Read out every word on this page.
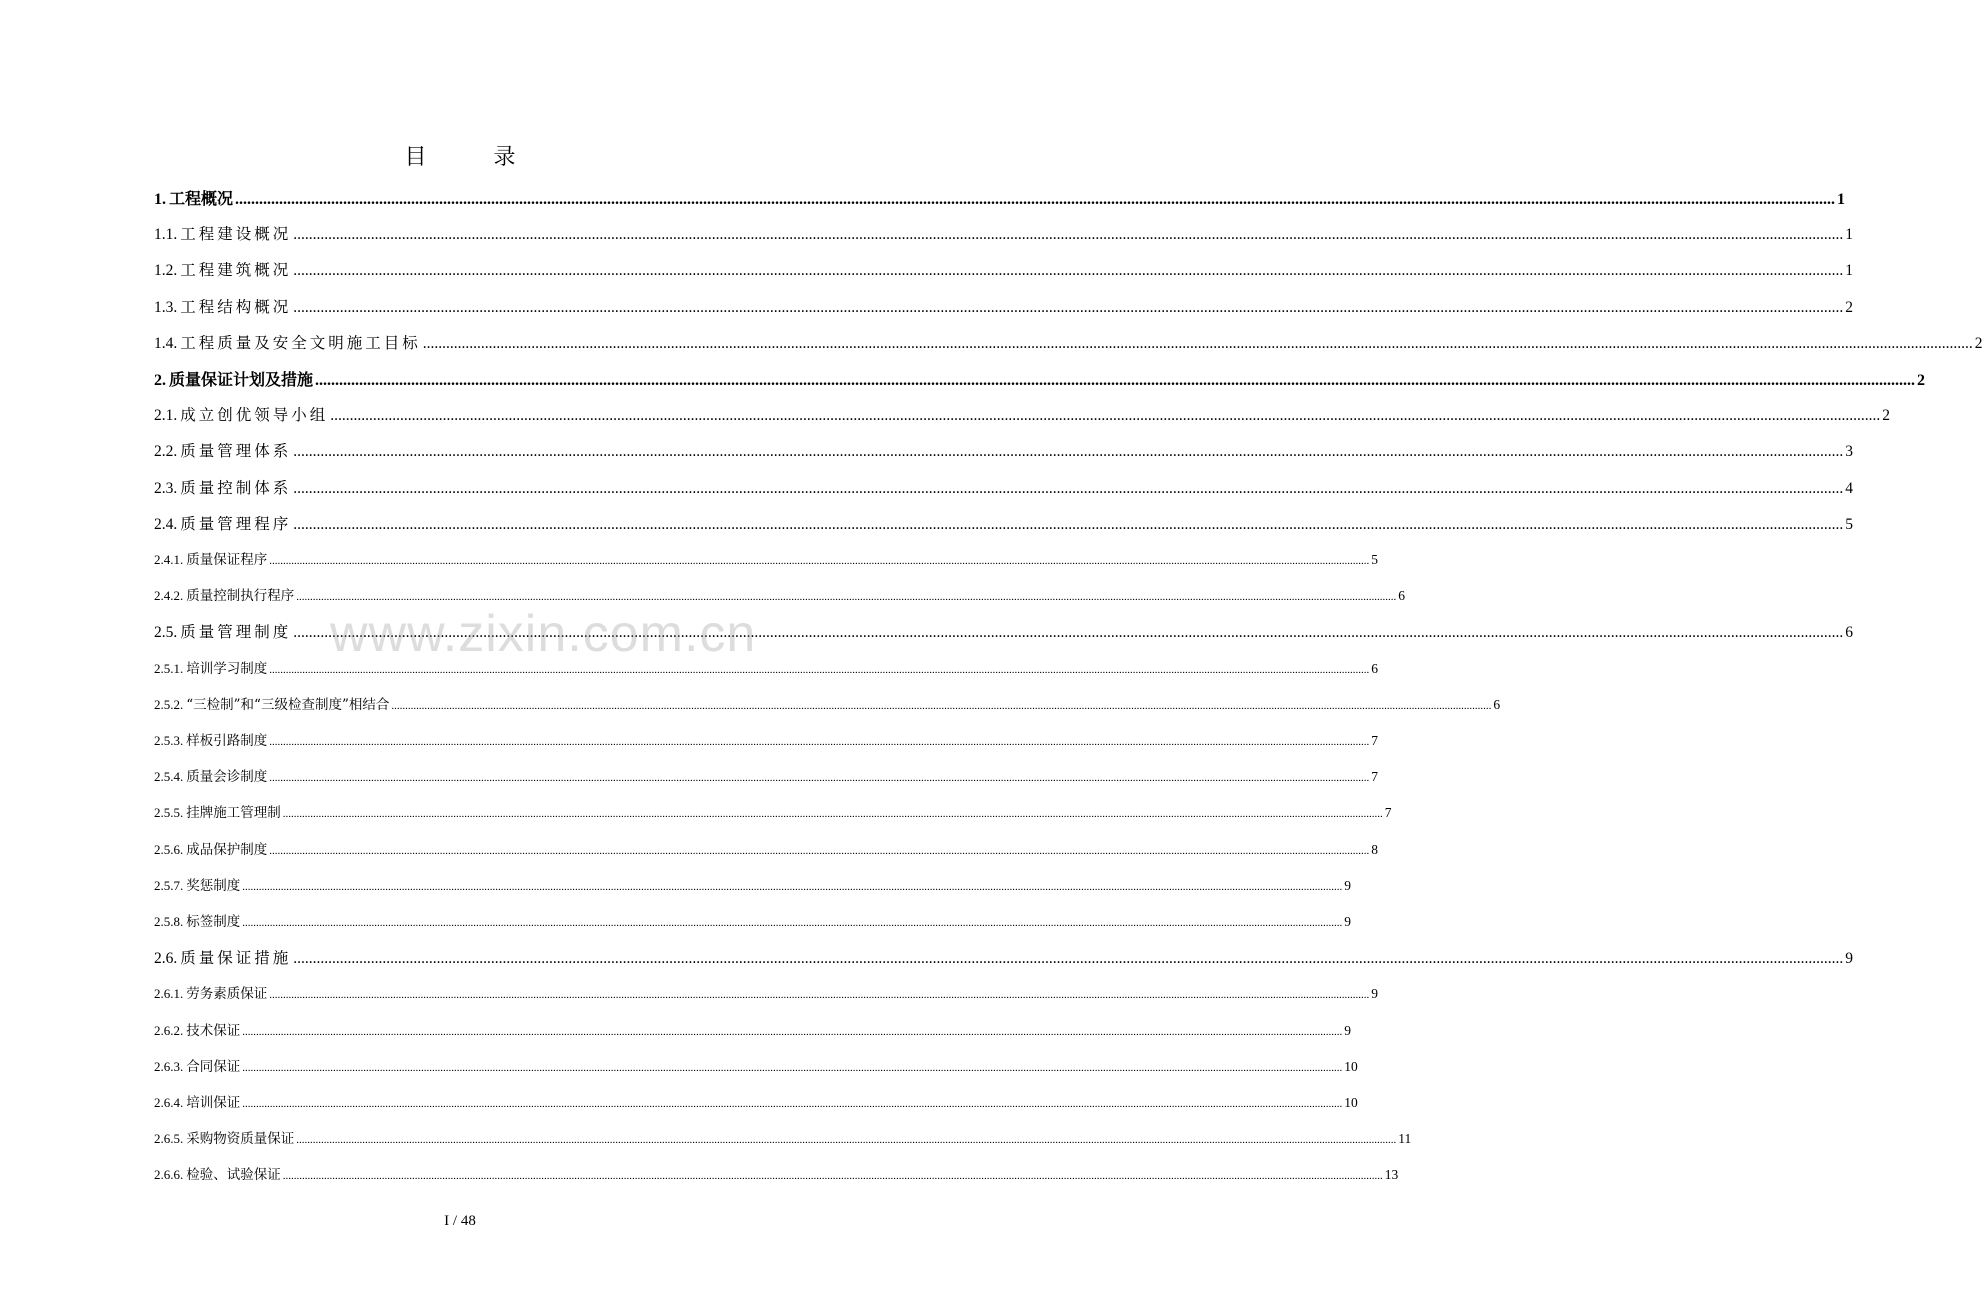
目 录
1. 工程概况 ................................................................................................................................................................................................................................................................................................................................................................................................................ 1
1.1. 工程建设概况 ................................................................................................................................................................................................................................................................................................................................................................................................................ 1
1.2. 工程建筑概况 ................................................................................................................................................................................................................................................................................................................................................................................................................ 1
1.3. 工程结构概况 ................................................................................................................................................................................................................................................................................................................................................................................................................ 2
1.4. 工程质量及安全文明施工目标 ................................................................................................................................................................................................................................................................................................................................................................................................................ 2
2. 质量保证计划及措施 ................................................................................................................................................................................................................................................................................................................................................................................................................ 2
2.1. 成立创优领导小组 ................................................................................................................................................................................................................................................................................................................................................................................................................ 2
2.2. 质量管理体系 ................................................................................................................................................................................................................................................................................................................................................................................................................ 3
2.3. 质量控制体系 ................................................................................................................................................................................................................................................................................................................................................................................................................ 4
2.4. 质量管理程序 ................................................................................................................................................................................................................................................................................................................................................................................................................ 5
2.4.1. 质量保证程序 ................................................................................................................................................................................................................................................................................................................................................................................................................ 5
2.4.2. 质量控制执行程序 ................................................................................................................................................................................................................................................................................................................................................................................................................ 6
2.5. 质量管理制度 ................................................................................................................................................................................................................................................................................................................................................................................................................ 6
2.5.1. 培训学习制度 ................................................................................................................................................................................................................................................................................................................................................................................................................ 6
2.5.2. “三检制”和“三级检查制度”相结合 ................................................................................................................................................................................................................................................................................................................................................................................................................ 6
2.5.3. 样板引路制度 ................................................................................................................................................................................................................................................................................................................................................................................................................ 7
2.5.4. 质量会诊制度 ................................................................................................................................................................................................................................................................................................................................................................................................................ 7
2.5.5. 挂牌施工管理制 ................................................................................................................................................................................................................................................................................................................................................................................................................ 7
2.5.6. 成品保护制度 ................................................................................................................................................................................................................................................................................................................................................................................................................ 8
2.5.7. 奖惩制度 ................................................................................................................................................................................................................................................................................................................................................................................................................ 9
2.5.8. 标签制度 ................................................................................................................................................................................................................................................................................................................................................................................................................ 9
2.6. 质量保证措施 ................................................................................................................................................................................................................................................................................................................................................................................................................ 9
2.6.1. 劳务素质保证 ................................................................................................................................................................................................................................................................................................................................................................................................................ 9
2.6.2. 技术保证 ................................................................................................................................................................................................................................................................................................................................................................................................................ 9
2.6.3. 合同保证 ................................................................................................................................................................................................................................................................................................................................................................................................................ 10
2.6.4. 培训保证 ................................................................................................................................................................................................................................................................................................................................................................................................................ 10
2.6.5. 采购物资质量保证 ................................................................................................................................................................................................................................................................................................................................................................................................................ 11
2.6.6. 检验、试验保证 ................................................................................................................................................................................................................................................................................................................................................................................................................ 13
www.zixin.com.cn
I / 48
